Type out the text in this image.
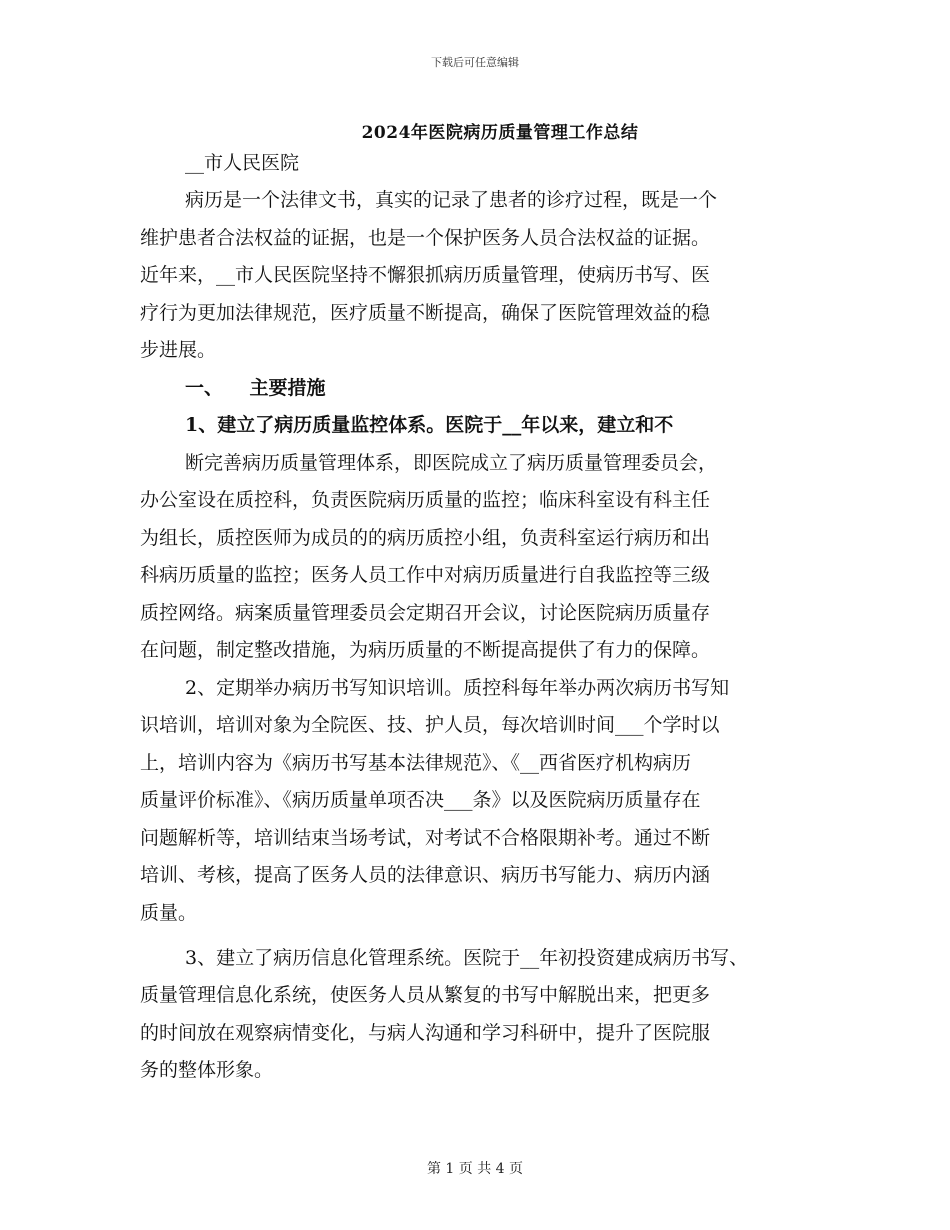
下载后可任意编辑
2024年医院病历质量管理工作总结
__市人民医院
病历是一个法律文书，真实的记录了患者的诊疗过程，既是一个
维护患者合法权益的证据，也是一个保护医务人员合法权益的证据。
近年来，__市人民医院坚持不懈狠抓病历质量管理，使病历书写、医
疗行为更加法律规范，医疗质量不断提高，确保了医院管理效益的稳
步进展。
一、    主要措施
1、建立了病历质量监控体系。医院于__年以来，建立和不
断完善病历质量管理体系，即医院成立了病历质量管理委员会，
办公室设在质控科，负责医院病历质量的监控；临床科室设有科主任
为组长，质控医师为成员的的病历质控小组，负责科室运行病历和出
科病历质量的监控；医务人员工作中对病历质量进行自我监控等三级
质控网络。病案质量管理委员会定期召开会议，讨论医院病历质量存
在问题，制定整改措施，为病历质量的不断提高提供了有力的保障。
2、定期举办病历书写知识培训。质控科每年举办两次病历书写知
识培训，培训对象为全院医、技、护人员，每次培训时间___个学时以
上，培训内容为《病历书写基本法律规范》、《__西省医疗机构病历
质量评价标准》、《病历质量单项否决___条》以及医院病历质量存在
问题解析等，培训结束当场考试，对考试不合格限期补考。通过不断
培训、考核，提高了医务人员的法律意识、病历书写能力、病历内涵
质量。
3、建立了病历信息化管理系统。医院于__年初投资建成病历书写、
质量管理信息化系统，使医务人员从繁复的书写中解脱出来，把更多
的时间放在观察病情变化，与病人沟通和学习科研中，提升了医院服
务的整体形象。
第 1 页 共 4 页
